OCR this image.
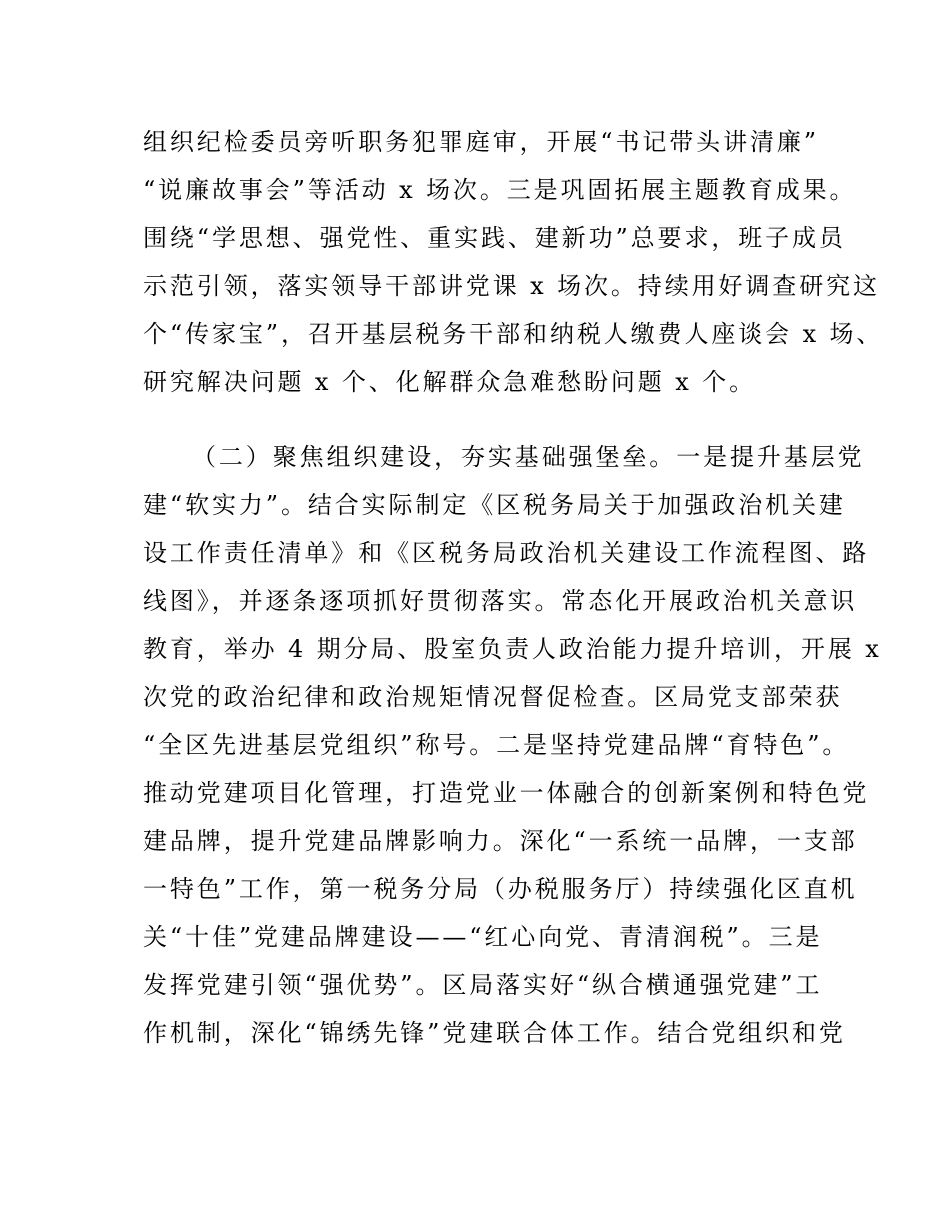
组织纪检委员旁听职务犯罪庭审，开展“书记带头讲清廉”
“说廉故事会”等活动 x 场次。三是巩固拓展主题教育成果。
围绕“学思想、强党性、重实践、建新功”总要求，班子成员
示范引领，落实领导干部讲党课 x 场次。持续用好调查研究这
个“传家宝”，召开基层税务干部和纳税人缴费人座谈会 x 场、
研究解决问题 x 个、化解群众急难愁盼问题 x 个。
（二）聚焦组织建设，夯实基础强堡垒。一是提升基层党
建“软实力”。结合实际制定《区税务局关于加强政治机关建
设工作责任清单》和《区税务局政治机关建设工作流程图、路
线图》，并逐条逐项抓好贯彻落实。常态化开展政治机关意识
教育，举办 4 期分局、股室负责人政治能力提升培训，开展 x
次党的政治纪律和政治规矩情况督促检查。区局党支部荣获
“全区先进基层党组织”称号。二是坚持党建品牌“育特色”。
推动党建项目化管理，打造党业一体融合的创新案例和特色党
建品牌，提升党建品牌影响力。深化“一系统一品牌，一支部
一特色”工作，第一税务分局（办税服务厅）持续强化区直机
关“十佳”党建品牌建设——“红心向党、青清润税”。三是
发挥党建引领“强优势”。区局落实好“纵合横通强党建”工
作机制，深化“锦绣先锋”党建联合体工作。结合党组织和党
